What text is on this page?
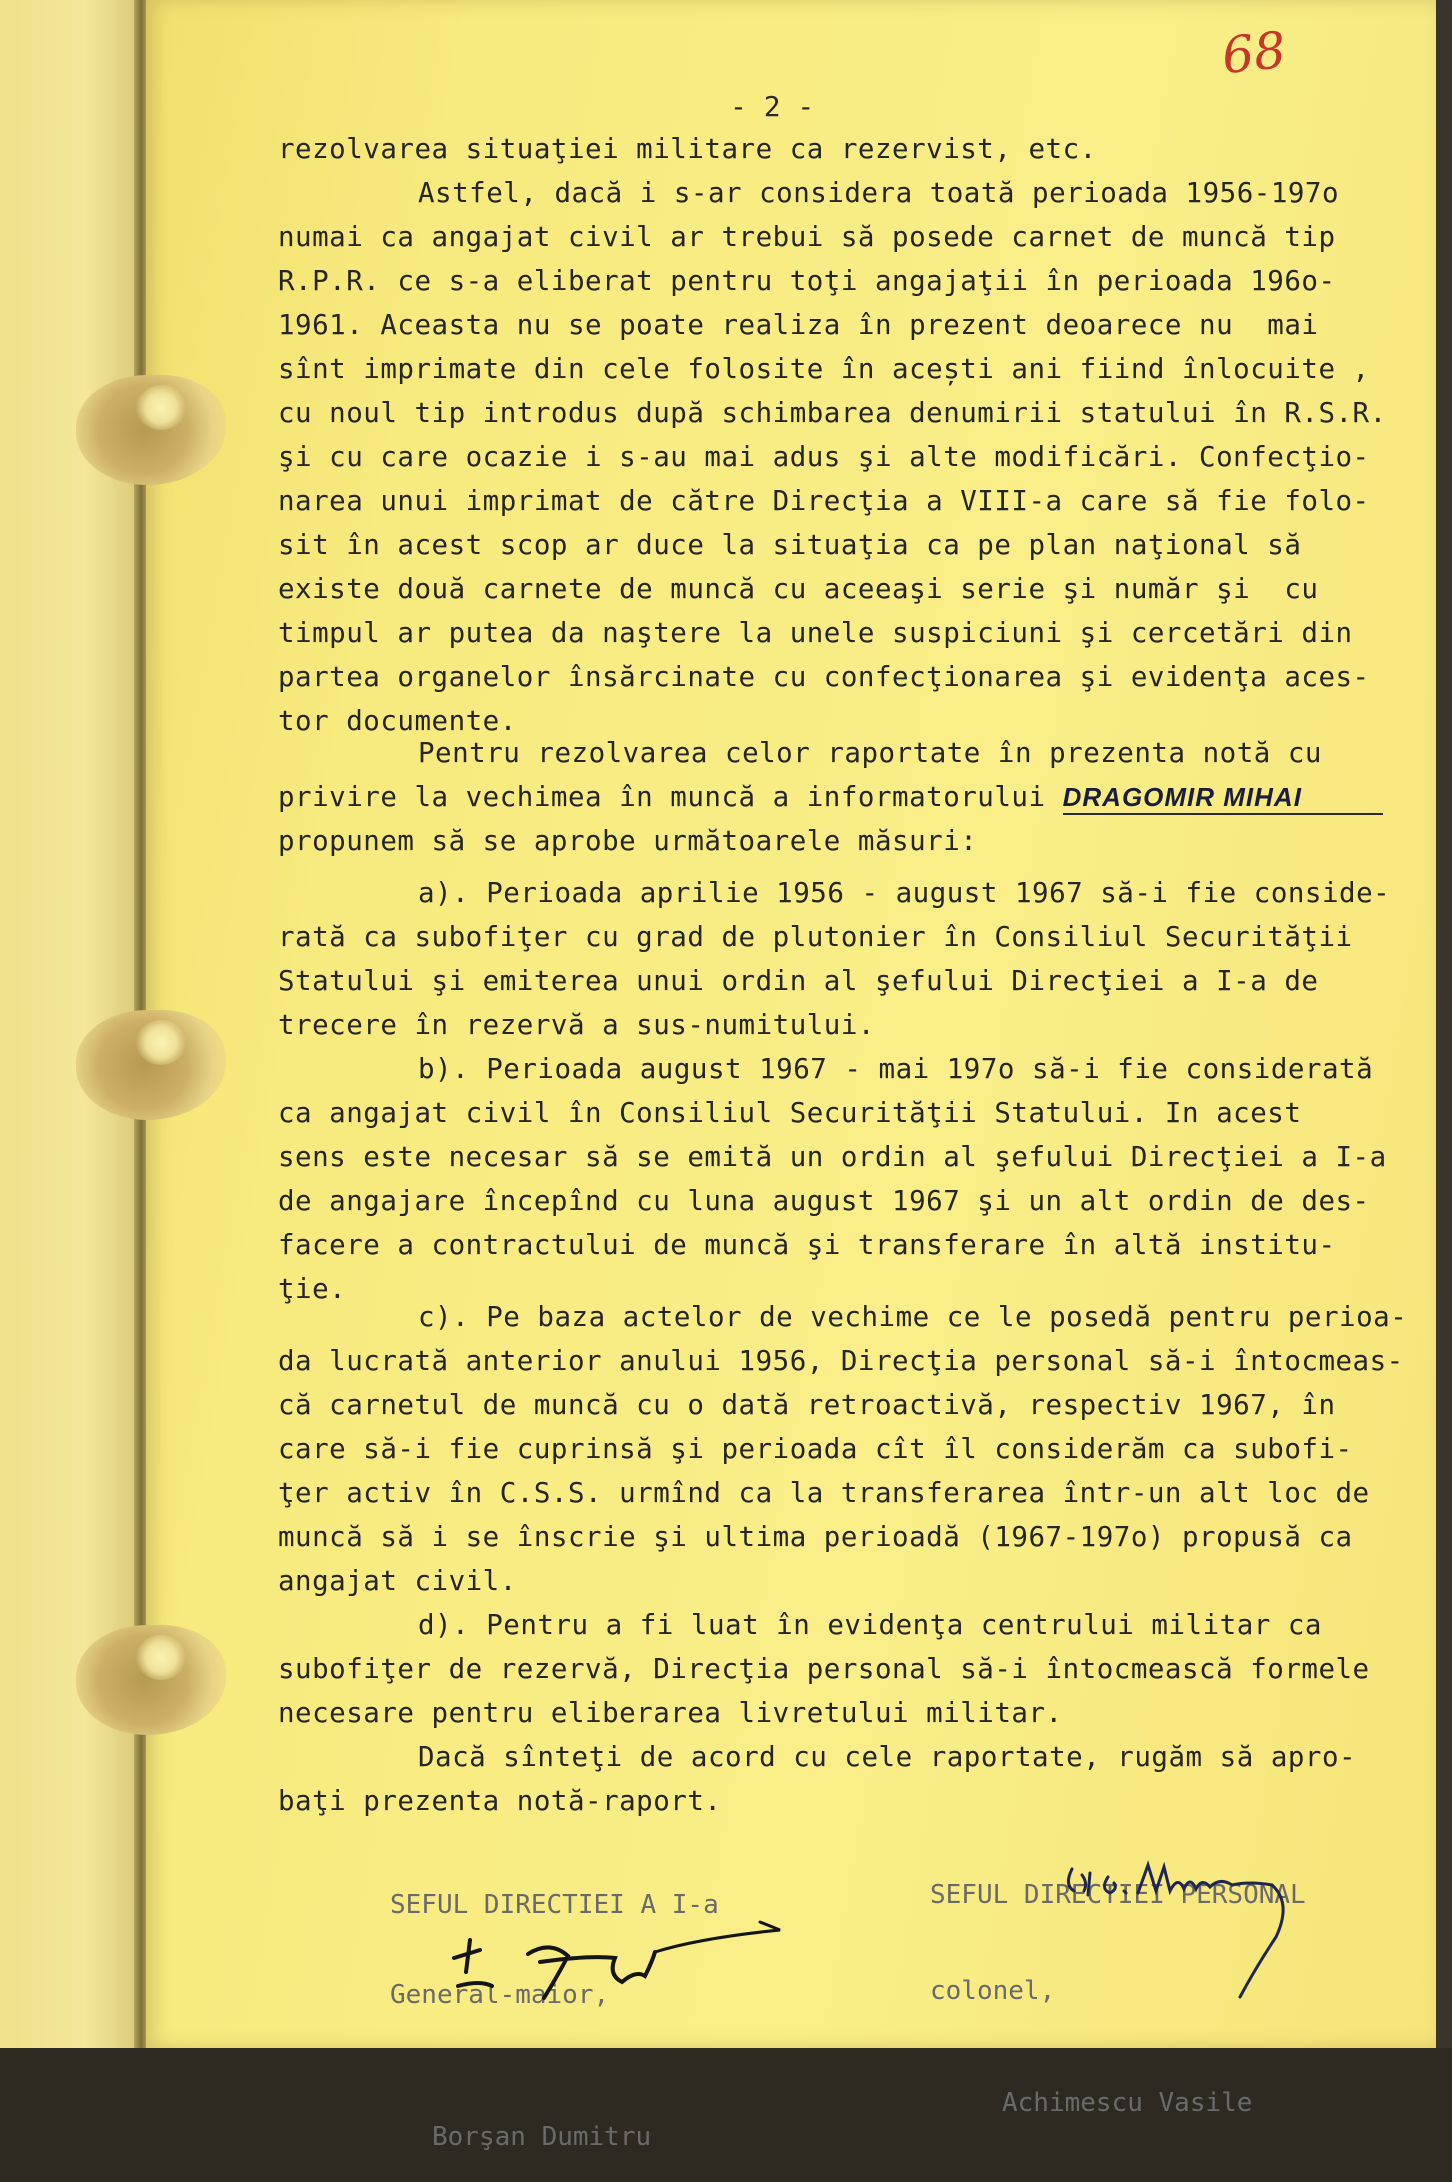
68
- 2 -
rezolvarea situaţiei militare ca rezervist, etc.
Astfel, dacă i s-ar considera toată perioada 1956-197o
numai ca angajat civil ar trebui să posede carnet de muncă tip
R.P.R. ce s-a eliberat pentru toţi angajaţii în perioada 196o-
1961. Aceasta nu se poate realiza în prezent deoarece nu  mai
sînt imprimate din cele folosite în acești ani fiind înlocuite ,
cu noul tip introdus după schimbarea denumirii statului în R.S.R.
şi cu care ocazie i s-au mai adus şi alte modificări. Confecţio-
narea unui imprimat de către Direcţia a VIII-a care să fie folo-
sit în acest scop ar duce la situaţia ca pe plan naţional să
existe două carnete de muncă cu aceeaşi serie şi număr şi  cu
timpul ar putea da naştere la unele suspiciuni şi cercetări din
partea organelor însărcinate cu confecţionarea şi evidenţa aces-
tor documente.
Pentru rezolvarea celor raportate în prezenta notă cu
privire la vechimea în muncă a informatorului DRAGOMIR MIHAI
propunem să se aprobe următoarele măsuri:
a). Perioada aprilie 1956 - august 1967 să-i fie conside-
rată ca subofiţer cu grad de plutonier în Consiliul Securităţii
Statului şi emiterea unui ordin al şefului Direcţiei a I-a de
trecere în rezervă a sus-numitului.
b). Perioada august 1967 - mai 197o să-i fie considerată
ca angajat civil în Consiliul Securităţii Statului. In acest
sens este necesar să se emită un ordin al şefului Direcţiei a I-a
de angajare începînd cu luna august 1967 şi un alt ordin de des-
facere a contractului de muncă şi transferare în altă institu-
ţie.
c). Pe baza actelor de vechime ce le posedă pentru perioa-
da lucrată anterior anului 1956, Direcţia personal să-i întocmeas-
că carnetul de muncă cu o dată retroactivă, respectiv 1967, în
care să-i fie cuprinsă şi perioada cît îl considerăm ca subofi-
ţer activ în C.S.S. urmînd ca la transferarea într-un alt loc de
muncă să i se înscrie şi ultima perioadă (1967-197o) propusă ca
angajat civil.
d). Pentru a fi luat în evidenţa centrului militar ca
subofiţer de rezervă, Direcţia personal să-i întocmească formele
necesare pentru eliberarea livretului militar.
Dacă sînteţi de acord cu cele raportate, rugăm să apro-
baţi prezenta notă-raport.

SEFUL DIRECTIEI A I-a

General-maior,

Borşan Dumitru

SEFUL DIRECTIEI PERSONAL

colonel,

Achimescu Vasile
